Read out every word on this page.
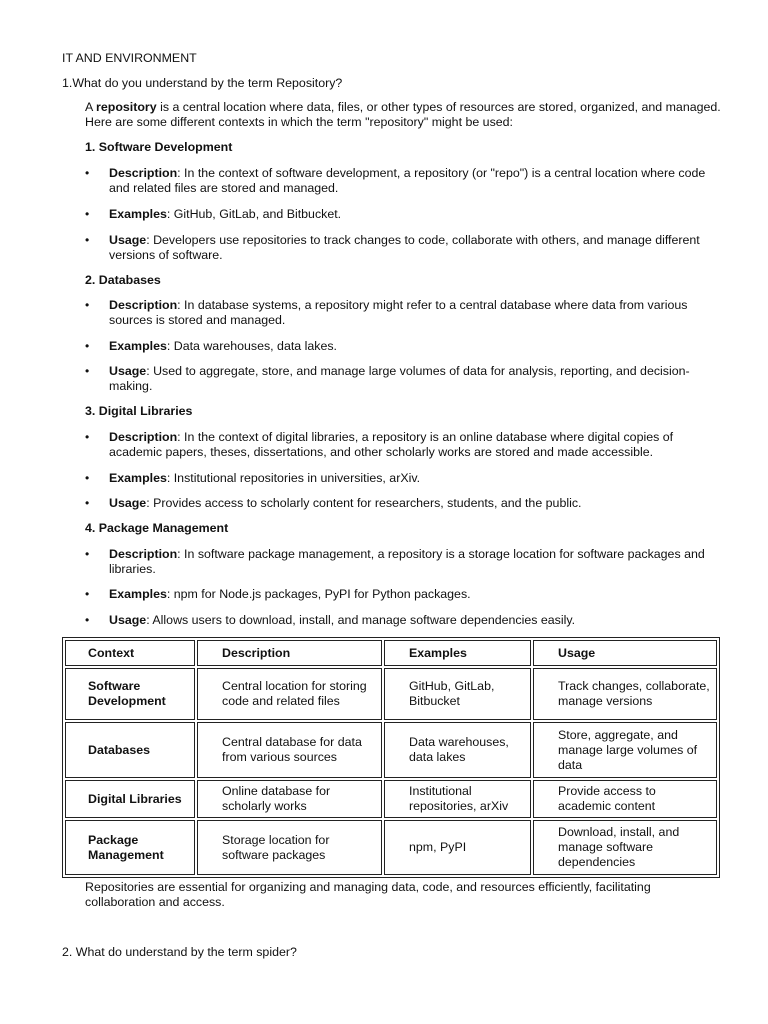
IT AND ENVIRONMENT
1.What do you understand by the term Repository?
A repository is a central location where data, files, or other types of resources are stored, organized, and managed. Here are some different contexts in which the term "repository" might be used:
1. Software Development
•	Description: In the context of software development, a repository (or "repo") is a central location where code and related files are stored and managed.
•	Examples: GitHub, GitLab, and Bitbucket.
•	Usage: Developers use repositories to track changes to code, collaborate with others, and manage different versions of software.
2. Databases
•	Description: In database systems, a repository might refer to a central database where data from various sources is stored and managed.
•	Examples: Data warehouses, data lakes.
•	Usage: Used to aggregate, store, and manage large volumes of data for analysis, reporting, and decision-making.
3. Digital Libraries
•	Description: In the context of digital libraries, a repository is an online database where digital copies of academic papers, theses, dissertations, and other scholarly works are stored and made accessible.
•	Examples: Institutional repositories in universities, arXiv.
•	Usage: Provides access to scholarly content for researchers, students, and the public.
4. Package Management
•	Description: In software package management, a repository is a storage location for software packages and libraries.
•	Examples: npm for Node.js packages, PyPI for Python packages.
•	Usage: Allows users to download, install, and manage software dependencies easily.
Context	Description	Examples	Usage
Software Development	Central location for storing code and related files	GitHub, GitLab, Bitbucket	Track changes, collaborate, manage versions
Databases	Central database for data from various sources	Data warehouses, data lakes	Store, aggregate, and manage large volumes of data
Digital Libraries	Online database for scholarly works	Institutional repositories, arXiv	Provide access to academic content
Package Management	Storage location for software packages	npm, PyPI	Download, install, and manage software dependencies
Repositories are essential for organizing and managing data, code, and resources efficiently, facilitating collaboration and access.
2. What do understand by the term spider?
